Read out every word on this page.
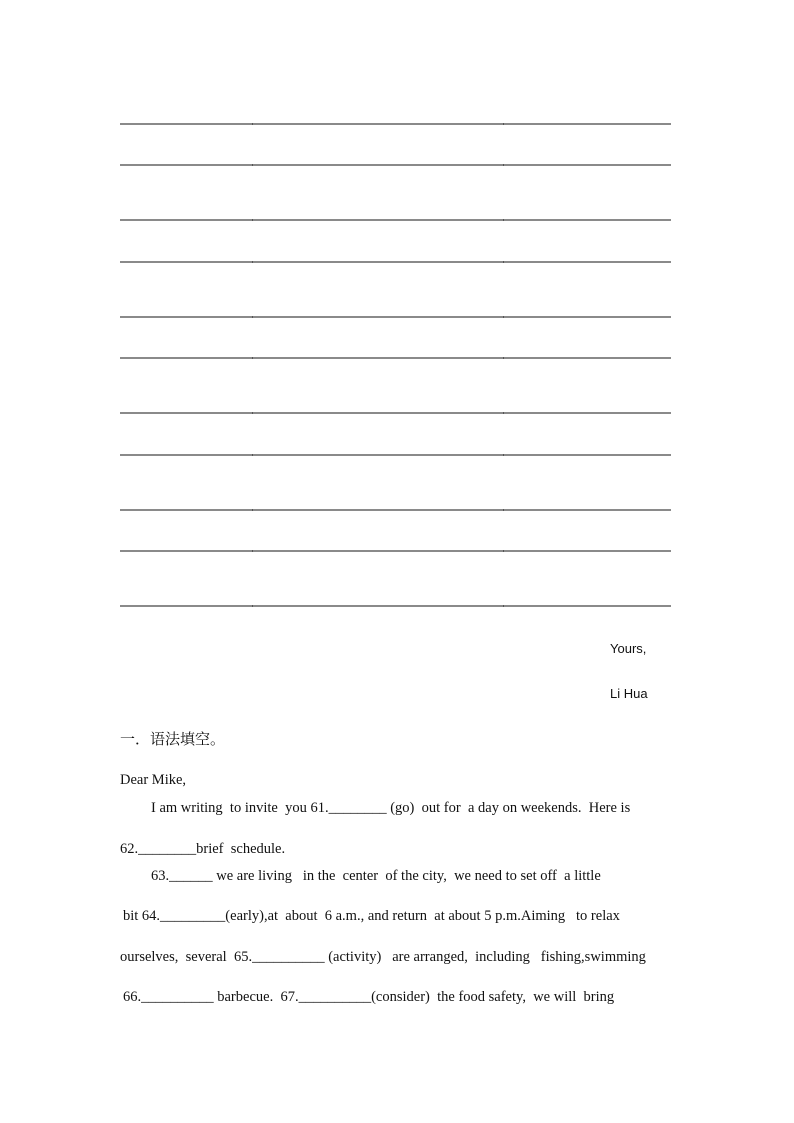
Yours,
Li Hua
一．语法填空。
Dear Mike,
I am writing  to invite  you 61.________ (go)  out for  a day on weekends.  Here is
62.________brief  schedule.
63.______ we are living   in the  center  of the city,  we need to set off  a little
bit 64._________(early),at  about  6 a.m., and return  at about 5 p.m.Aiming   to relax
ourselves,  several  65.__________ (activity)   are arranged,  including   fishing,swimming
66.__________ barbecue.  67.__________(consider)  the food safety,  we will  bring
